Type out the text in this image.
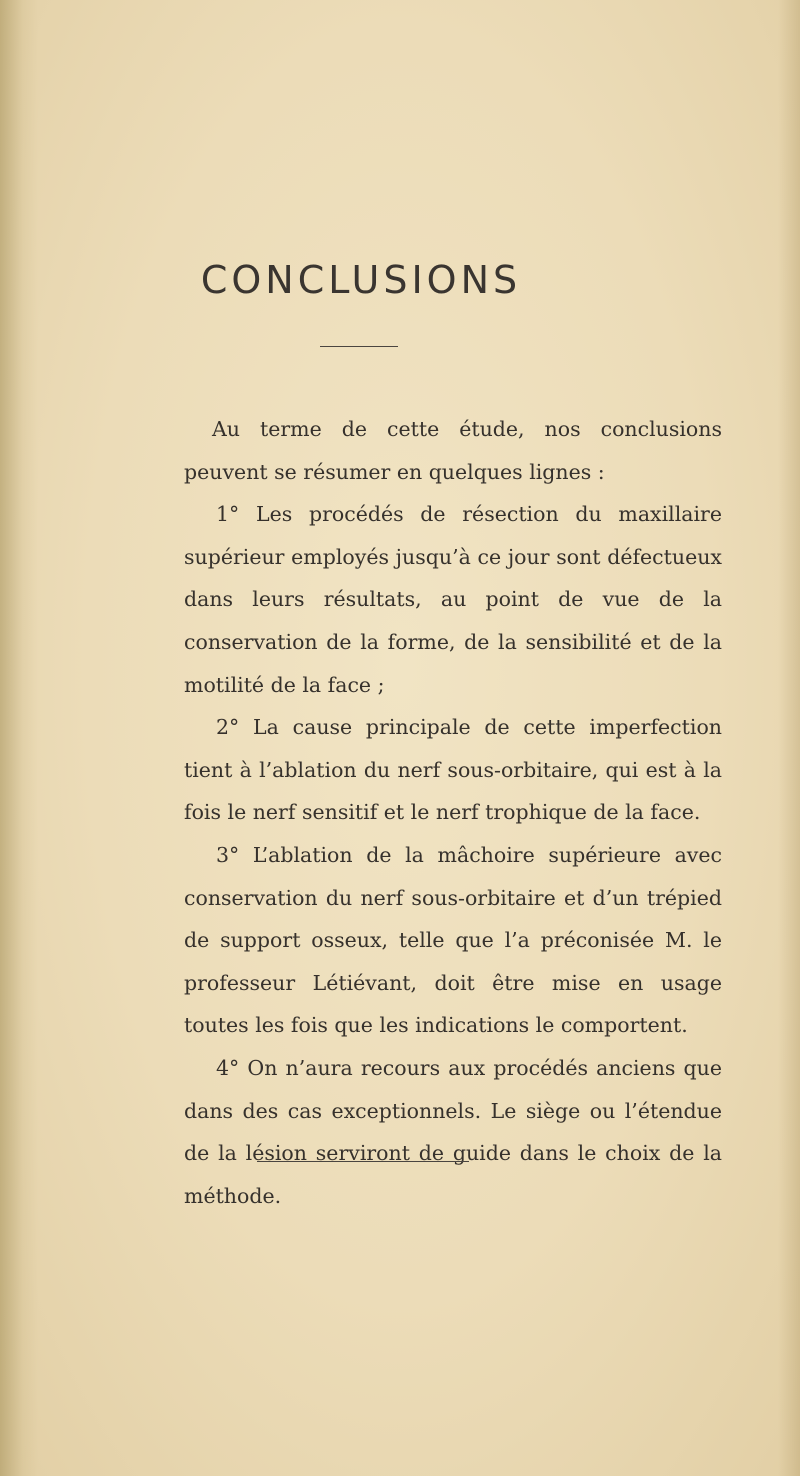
CONCLUSIONS

Au terme de cette étude, nos conclusions peuvent se résumer en quelques lignes :

1° Les procédés de résection du maxillaire supérieur employés jusqu’à ce jour sont défectueux dans leurs résultats, au point de vue de la conservation de la forme, de la sensibilité et de la motilité de la face ;

2° La cause principale de cette imperfection tient à l’ablation du nerf sous-orbitaire, qui est à la fois le nerf sensitif et le nerf trophique de la face.

3° L’ablation de la mâchoire supérieure avec conservation du nerf sous-orbitaire et d’un trépied de support osseux, telle que l’a préconisée M. le professeur Létiévant, doit être mise en usage toutes les fois que les indications le comportent.

4° On n’aura recours aux procédés anciens que dans des cas exceptionnels. Le siège ou l’étendue de la lésion serviront de guide dans le choix de la méthode.
